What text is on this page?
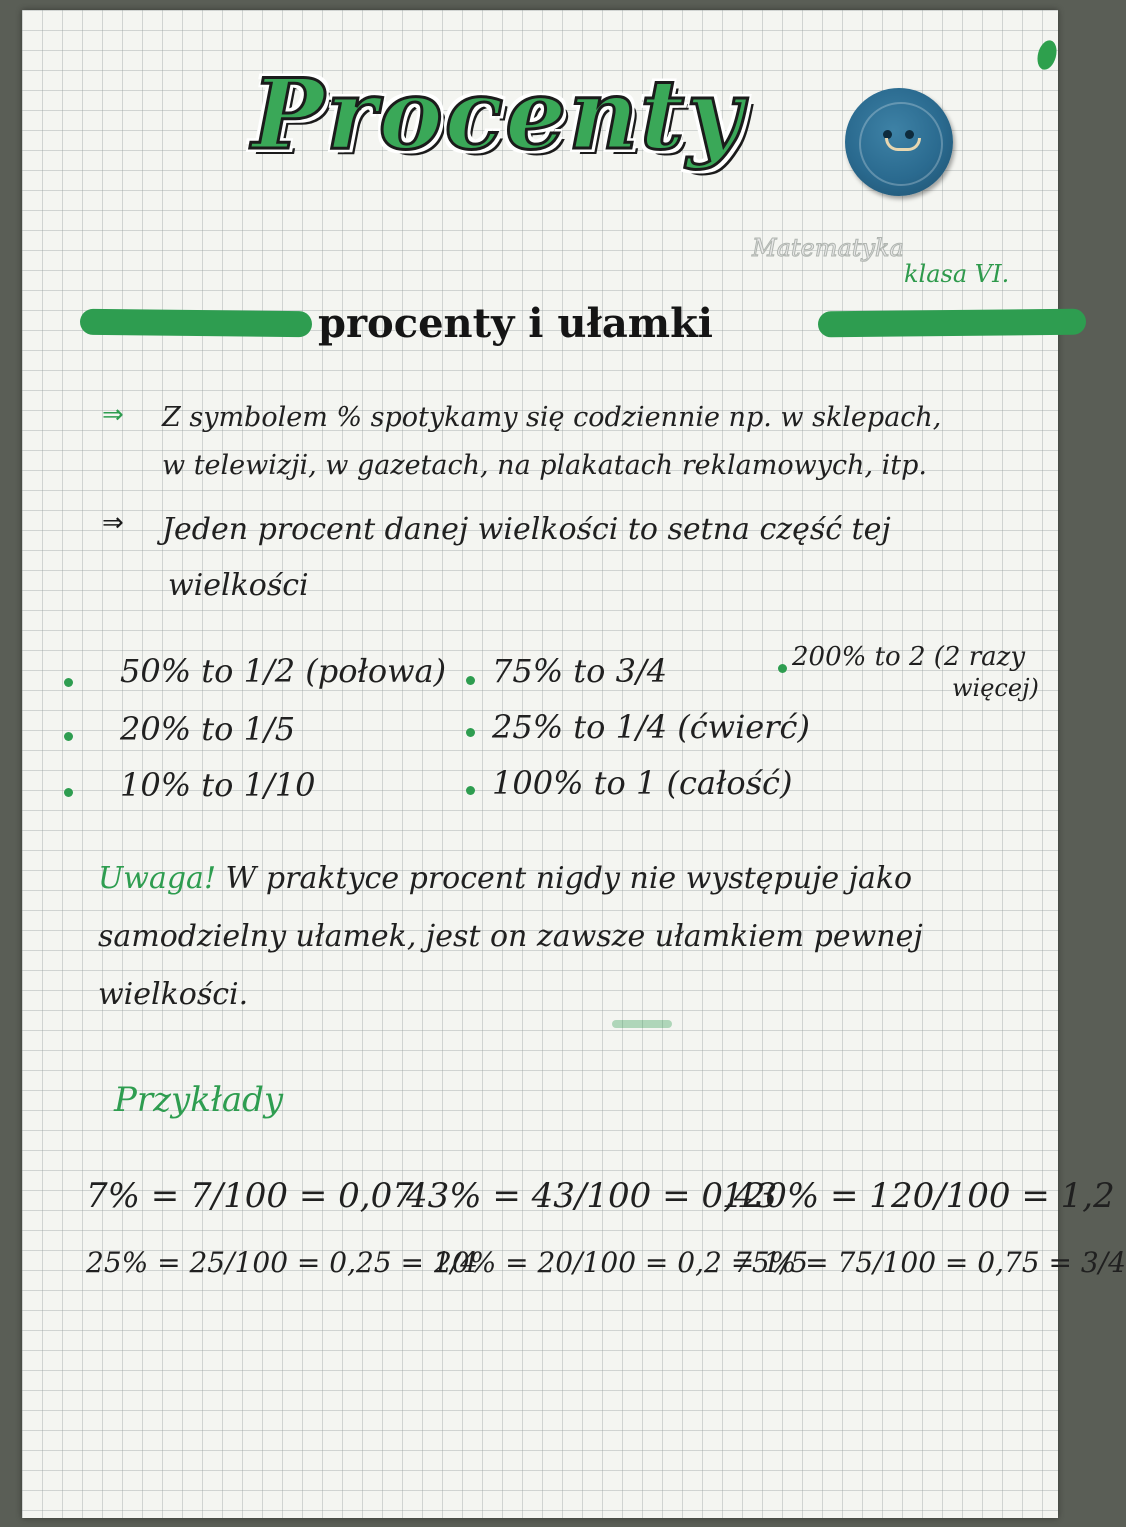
Procenty
Matematyka
klasa VI.
procenty i ułamki
⇒ Z symbolem % spotykamy się codziennie np. w sklepach,
w telewizji, w gazetach, na plakatach reklamowych, itp.
⇒ Jeden procent danej wielkości to setna część tej
wielkości
50% to 1/2 (połowa)
20% to 1/5
10% to 1/10
75% to 3/4
25% to 1/4 (ćwierć)
100% to 1 (całość)
200% to 2 (2 razy
więcej)
Uwaga! W praktyce procent nigdy nie występuje jako
samodzielny ułamek, jest on zawsze ułamkiem pewnej
wielkości.
Przykłady
7% = 7/100 = 0,07
43% = 43/100 = 0,43
120% = 120/100 = 1,2
25% = 25/100 = 0,25 = 1/4
20% = 20/100 = 0,2 = 1/5
75% = 75/100 = 0,75 = 3/4
